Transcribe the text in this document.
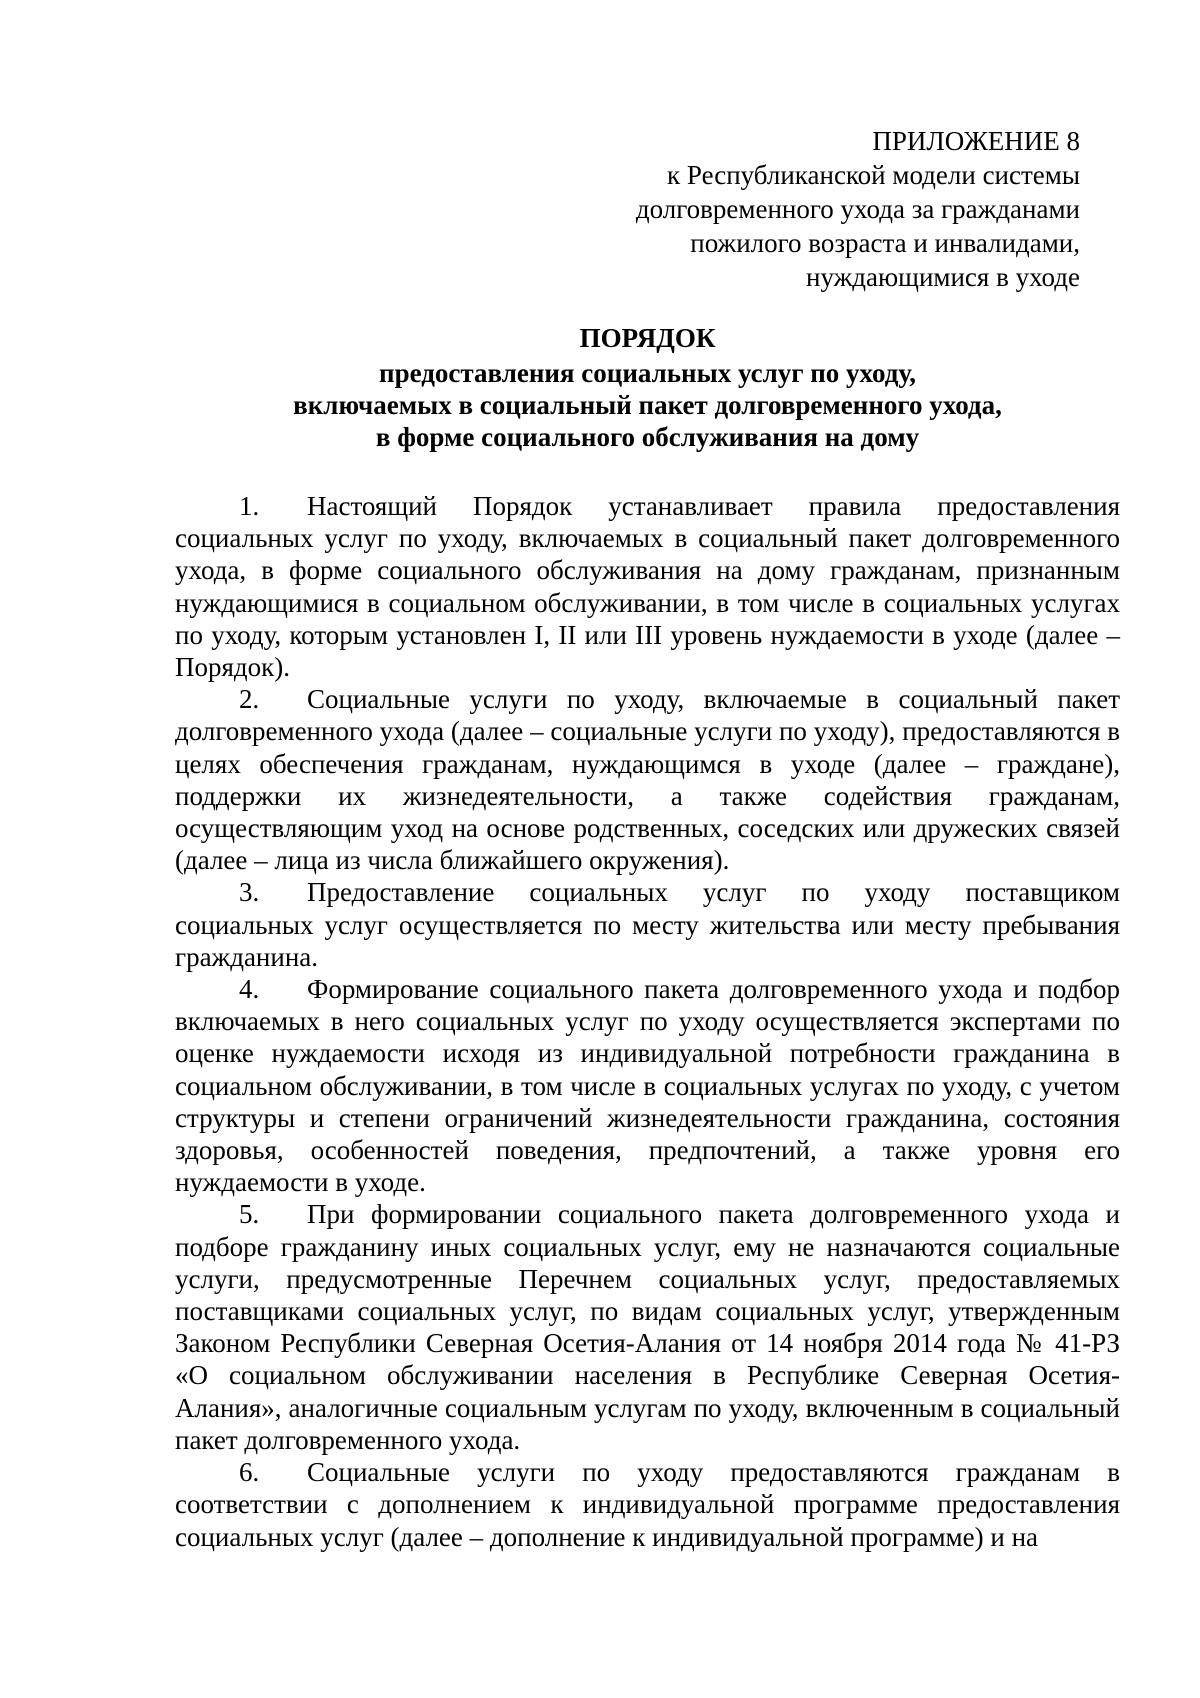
ПРИЛОЖЕНИЕ 8
к Республиканской модели системы
долговременного ухода за гражданами
пожилого возраста и инвалидами,
нуждающимися в уходе
ПОРЯДОК
предоставления социальных услуг по уходу,
включаемых в социальный пакет долговременного ухода,
в форме социального обслуживания на дому

1. Настоящий Порядок устанавливает правила предоставления социальных услуг по уходу, включаемых в социальный пакет долговременного ухода, в форме социального обслуживания на дому гражданам, признанным нуждающимися в социальном обслуживании, в том числе в социальных услугах по уходу, которым установлен I, II или III уровень нуждаемости в уходе (далее – Порядок).

2. Социальные услуги по уходу, включаемые в социальный пакет долговременного ухода (далее – социальные услуги по уходу), предоставляются в целях обеспечения гражданам, нуждающимся в уходе (далее – граждане), поддержки их жизнедеятельности, а также содействия гражданам, осуществляющим уход на основе родственных, соседских или дружеских связей (далее – лица из числа ближайшего окружения).

3. Предоставление социальных услуг по уходу поставщиком социальных услуг осуществляется по месту жительства или месту пребывания гражданина.

4. Формирование социального пакета долговременного ухода и подбор включаемых в него социальных услуг по уходу осуществляется экспертами по оценке нуждаемости исходя из индивидуальной потребности гражданина в социальном обслуживании, в том числе в социальных услугах по уходу, с учетом структуры и степени ограничений жизнедеятельности гражданина, состояния здоровья, особенностей поведения, предпочтений, а также уровня его нуждаемости в уходе.

5. При формировании социального пакета долговременного ухода и подборе гражданину иных социальных услуг, ему не назначаются социальные услуги, предусмотренные Перечнем социальных услуг, предоставляемых поставщиками социальных услуг, по видам социальных услуг, утвержденным Законом Республики Северная Осетия-Алания от 14 ноября 2014 года № 41-РЗ «О социальном обслуживании населения в Республике Северная Осетия-Алания», аналогичные социальным услугам по уходу, включенным в социальный пакет долговременного ухода.

6. Социальные услуги по уходу предоставляются гражданам в соответствии с дополнением к индивидуальной программе предоставления социальных услуг (далее – дополнение к индивидуальной программе) и на
